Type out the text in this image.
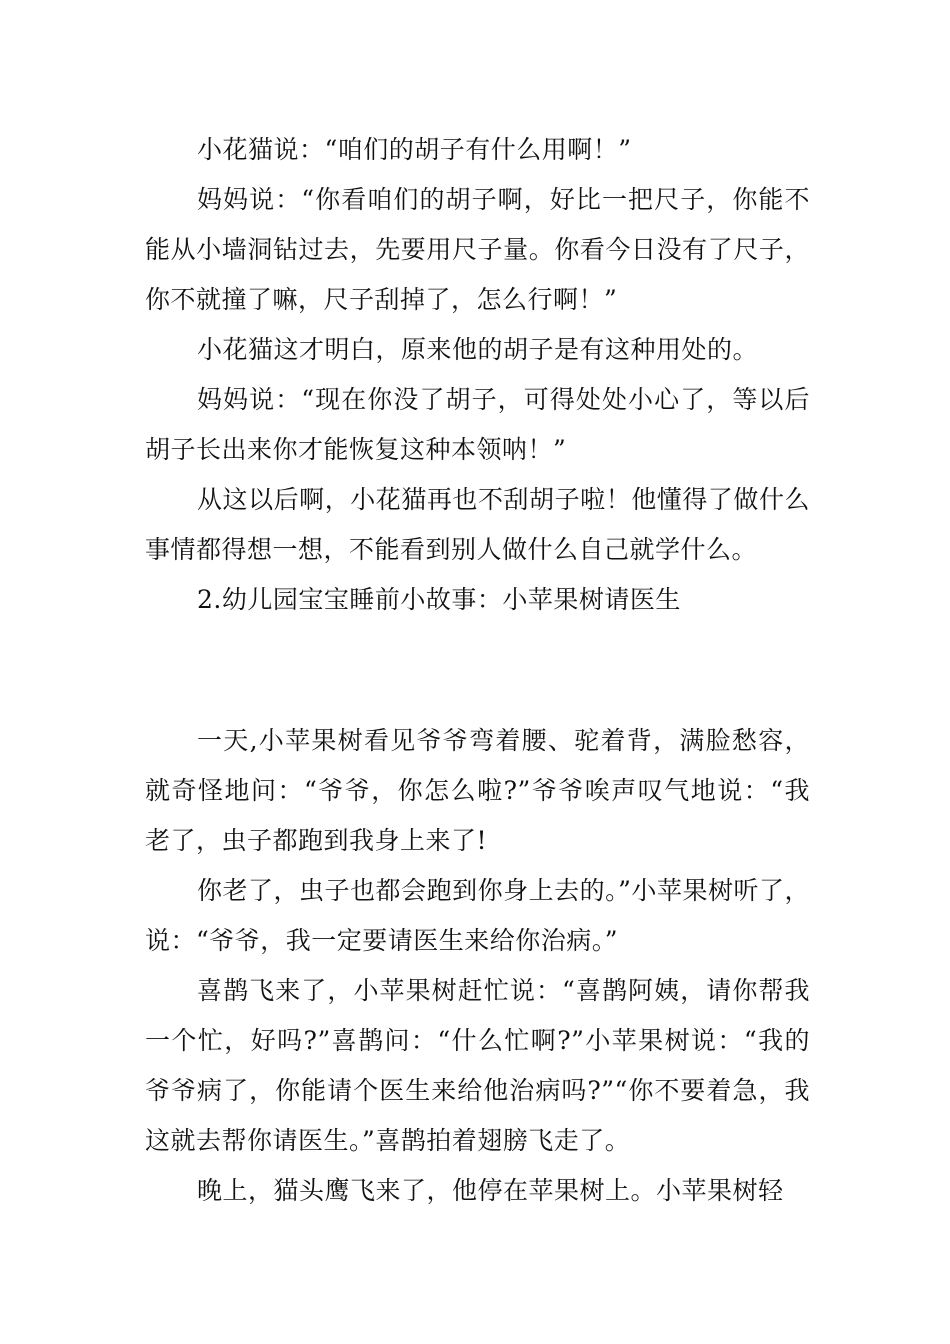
小花猫说：“咱们的胡子有什么用啊！”

妈妈说：“你看咱们的胡子啊，好比一把尺子，你能不能从小墙洞钻过去，先要用尺子量。你看今日没有了尺子，你不就撞了嘛，尺子刮掉了，怎么行啊！”

小花猫这才明白，原来他的胡子是有这种用处的。

妈妈说：“现在你没了胡子，可得处处小心了，等以后胡子长出来你才能恢复这种本领呐！”

从这以后啊，小花猫再也不刮胡子啦！他懂得了做什么事情都得想一想，不能看到别人做什么自己就学什么。

2.幼儿园宝宝睡前小故事：小苹果树请医生

一天,小苹果树看见爷爷弯着腰、驼着背，满脸愁容，就奇怪地问：“爷爷，你怎么啦?”爷爷唉声叹气地说：“我老了，虫子都跑到我身上来了!

你老了，虫子也都会跑到你身上去的。”小苹果树听了，说：“爷爷，我一定要请医生来给你治病。”

喜鹊飞来了，小苹果树赶忙说：“喜鹊阿姨，请你帮我一个忙，好吗?”喜鹊问：“什么忙啊?”小苹果树说：“我的爷爷病了，你能请个医生来给他治病吗?”“你不要着急，我这就去帮你请医生。”喜鹊拍着翅膀飞走了。

晚上，猫头鹰飞来了，他停在苹果树上。小苹果树轻
